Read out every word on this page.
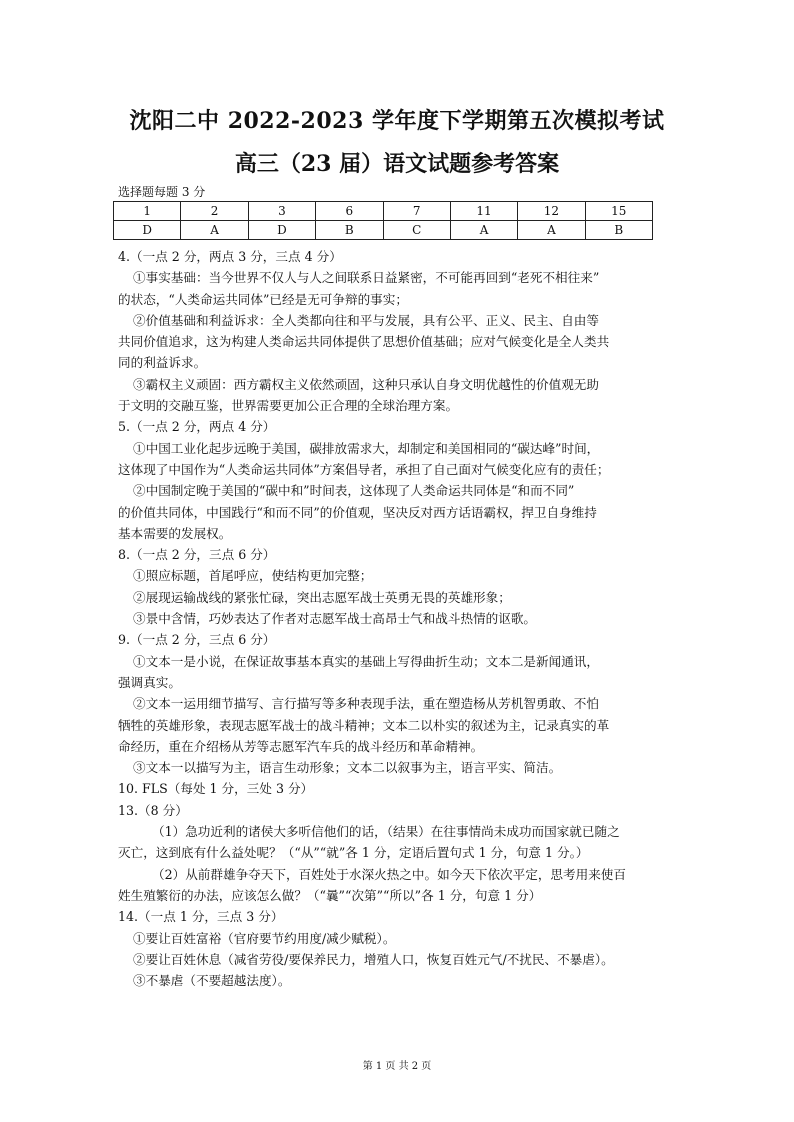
沈阳二中 2022-2023 学年度下学期第五次模拟考试
高三（23 届）语文试题参考答案
选择题每题 3 分
1	2	3	6	7	11	12	15
D	A	D	B	C	A	A	B

4.（一点 2 分，两点 3 分，三点 4 分）

①事实基础：当今世界不仅人与人之间联系日益紧密，不可能再回到“老死不相往来”

的状态，“人类命运共同体”已经是无可争辩的事实；

②价值基础和利益诉求：全人类都向往和平与发展，具有公平、正义、民主、自由等

共同价值追求，这为构建人类命运共同体提供了思想价值基础；应对气候变化是全人类共

同的利益诉求。

③霸权主义顽固：西方霸权主义依然顽固，这种只承认自身文明优越性的价值观无助

于文明的交融互鉴，世界需要更加公正合理的全球治理方案。

5.（一点 2 分，两点 4 分）

①中国工业化起步远晚于美国，碳排放需求大，却制定和美国相同的“碳达峰”时间，

这体现了中国作为“人类命运共同体”方案倡导者，承担了自己面对气候变化应有的责任；

②中国制定晚于美国的“碳中和”时间表，这体现了人类命运共同体是“和而不同”

的价值共同体，中国践行“和而不同”的价值观，坚决反对西方话语霸权，捍卫自身维持

基本需要的发展权。

8.（一点 2 分，三点 6 分）

①照应标题，首尾呼应，使结构更加完整；

②展现运输战线的紧张忙碌，突出志愿军战士英勇无畏的英雄形象；

③景中含情，巧妙表达了作者对志愿军战士高昂士气和战斗热情的讴歌。

9.（一点 2 分，三点 6 分）

①文本一是小说，在保证故事基本真实的基础上写得曲折生动；文本二是新闻通讯，

强调真实。

②文本一运用细节描写、言行描写等多种表现手法，重在塑造杨从芳机智勇敢、不怕

牺牲的英雄形象，表现志愿军战士的战斗精神；文本二以朴实的叙述为主，记录真实的革

命经历，重在介绍杨从芳等志愿军汽车兵的战斗经历和革命精神。

③文本一以描写为主，语言生动形象；文本二以叙事为主，语言平实、简洁。

10. FLS（每处 1 分，三处 3 分）

13.（8 分）

（1）急功近利的诸侯大多听信他们的话，（结果）在往事情尚未成功而国家就已随之

灭亡，这到底有什么益处呢？（“从”“就”各 1 分，定语后置句式 1 分，句意 1 分。）

（2）从前群雄争夺天下，百姓处于水深火热之中。如今天下依次平定，思考用来使百

姓生殖繁衍的办法，应该怎么做？（“曩”“次第”“所以”各 1 分，句意 1 分）

14.（一点 1 分，三点 3 分）

①要让百姓富裕（官府要节约用度/减少赋税）。

②要让百姓休息（减省劳役/要保养民力，增殖人口，恢复百姓元气/不扰民、不暴虐）。

③不暴虐（不要超越法度）。

第 1 页 共 2 页
